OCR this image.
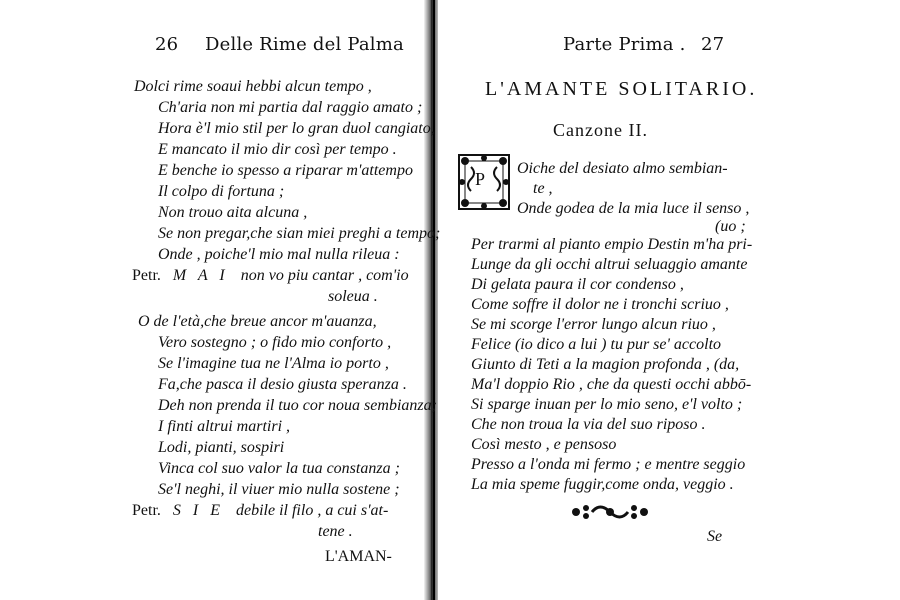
26 Delle Rime del Palma
Dolci rime soaui hebbi alcun tempo ,
Ch'aria non mi partia dal raggio amato ;
Hora è'l mio stil per lo gran duol cangiato,
E mancato il mio dir così per tempo .
E benche io spesso a riparar m'attempo
Il colpo di fortuna ;
Non trouo aita alcuna ,
Se non pregar,che sian miei preghi a tempo;
Onde , poiche'l mio mal nulla rileua :
Petr. M A I non vo piu cantar , com'io
soleua .
O de l'età,che breue ancor m'auanza,
Vero sostegno ; o fido mio conforto ,
Se l'imagine tua ne l'Alma io porto ,
Fa,che pasca il desio giusta speranza .
Deh non prenda il tuo cor noua sembianza;
I finti altrui martiri ,
Lodi, pianti, sospiri
Vinca col suo valor la tua constanza ;
Se'l neghi, il viuer mio nulla sostene ;
Petr. S I E debile il filo , a cui s'at-
tene .
L'AMAN-
Parte Prima . 27
L'AMANTE SOLITARIO.
Canzone II.
P
Oiche del desiato almo sembian-
te ,
Onde godea de la mia luce il senso ,
(uo ;
Per trarmi al pianto empio Destin m'ha pri-
Lunge da gli occhi altrui seluaggio amante
Di gelata paura il cor condenso ,
Come soffre il dolor ne i tronchi scriuo ,
Se mi scorge l'error lungo alcun riuo ,
Felice (io dico a lui ) tu pur se' accolto
Giunto di Teti a la magion profonda , (da,
Ma'l doppio Rio , che da questi occhi abbō-
Si sparge inuan per lo mio seno, e'l volto ;
Che non troua la via del suo riposo .
Così mesto , e pensoso
Presso a l'onda mi fermo ; e mentre seggio
La mia speme fuggir,come onda, veggio .
Se
